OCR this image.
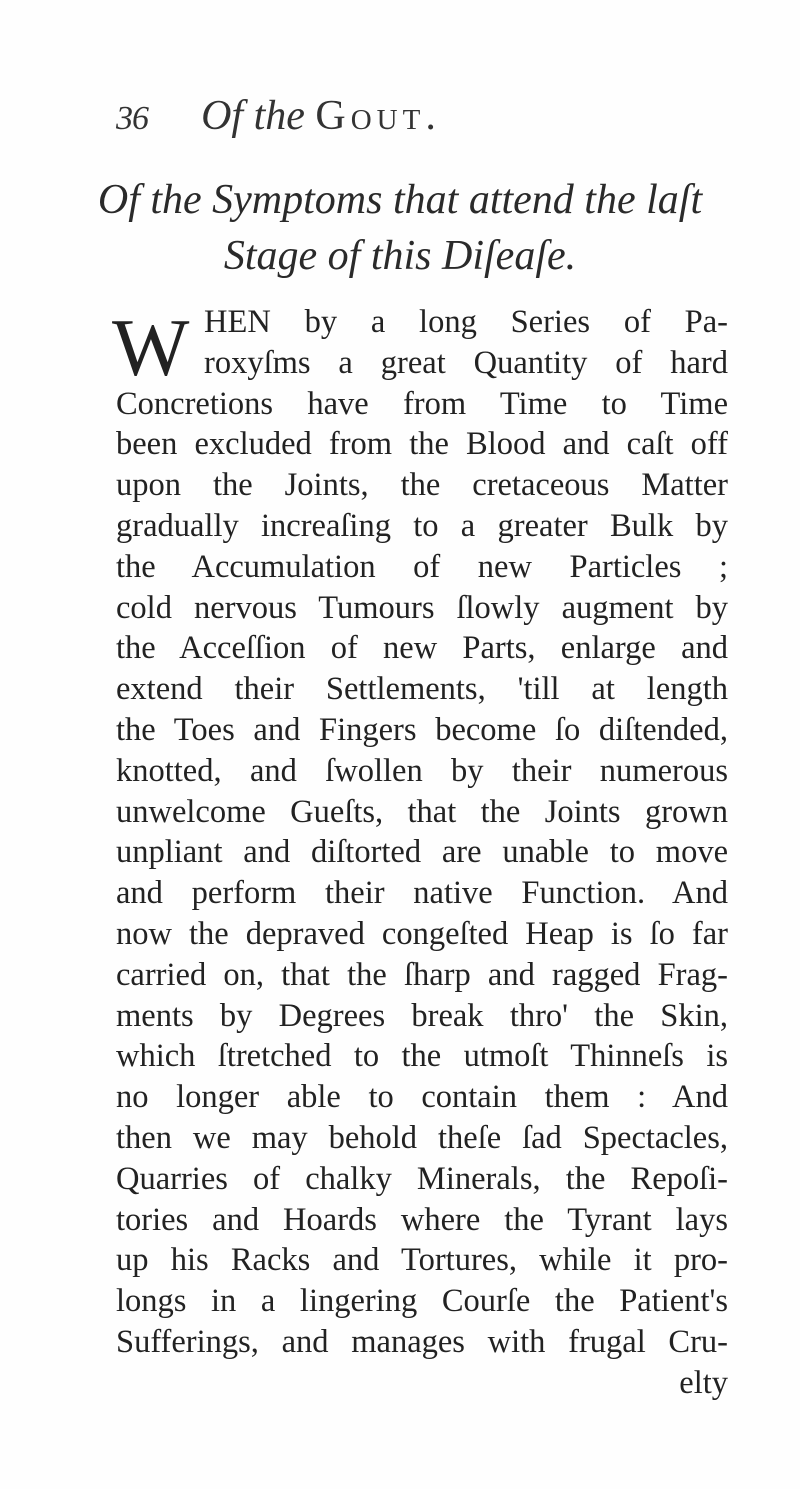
36 Of the Gout.
Of the Symptoms that attend the laſt
Stage of this Diſeaſe.
W HEN by a long Series of Pa-
roxyſms a great Quantity of hard
Concretions have from Time to Time
been excluded from the Blood and caſt off
upon the Joints, the cretaceous Matter
gradually increaſing to a greater Bulk by
the Accumulation of new Particles ;
cold nervous Tumours ſlowly augment by
the Acceſſion of new Parts, enlarge and
extend their Settlements, 'till at length
the Toes and Fingers become ſo diſtended,
knotted, and ſwollen by their numerous
unwelcome Gueſts, that the Joints grown
unpliant and diſtorted are unable to move
and perform their native Function. And
now the depraved congeſted Heap is ſo far
carried on, that the ſharp and ragged Frag-
ments by Degrees break thro' the Skin,
which ſtretched to the utmoſt Thinneſs is
no longer able to contain them : And
then we may behold theſe ſad Spectacles,
Quarries of chalky Minerals, the Repoſi-
tories and Hoards where the Tyrant lays
up his Racks and Tortures, while it pro-
longs in a lingering Courſe the Patient's
Sufferings, and manages with frugal Cru-
elty
